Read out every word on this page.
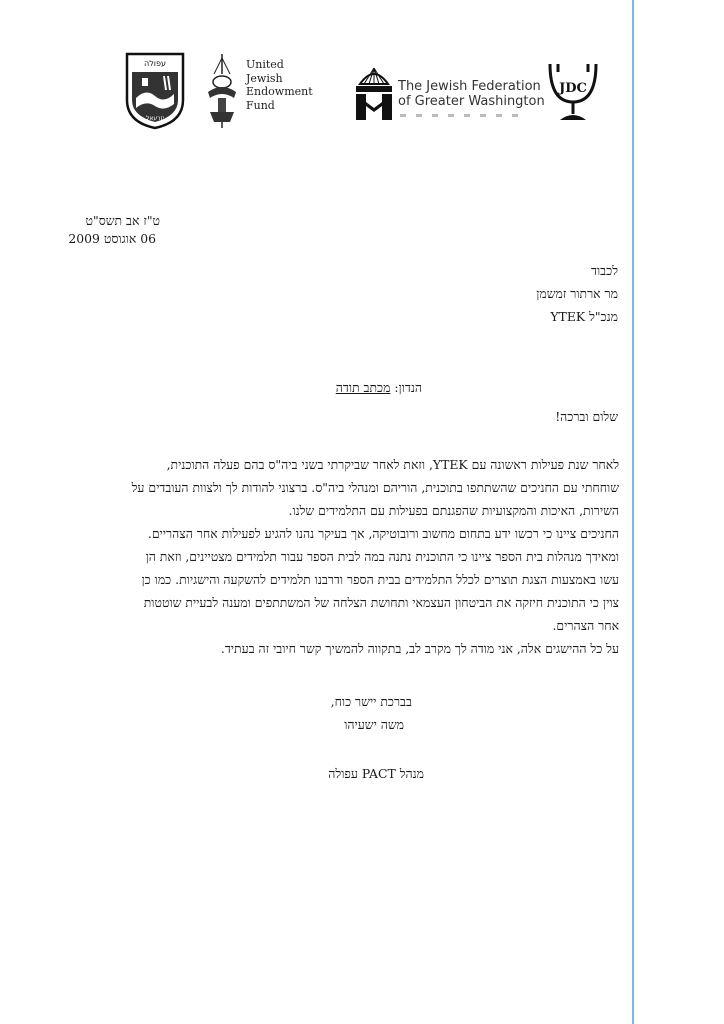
עפולה
יזרעאל
United
Jewish
Endowment
Fund
The Jewish Federation
of Greater Washington
JDC
ט"ז אב תשס"ט
06 אוגוסט 2009
לכבוד
מר ארתור זמשמן
מנכ"ל YTEK
הנדון: מכתב תודה
שלום וברכה!
לאחר שנת פעילות ראשונה עם YTEK, וזאת לאחר שביקרתי בשני ביה"ס בהם פעלה התוכנית,
שוחחתי עם החניכים שהשתתפו בתוכנית, הוריהם ומנהלי ביה"ס. ברצוני להודות לך ולצוות העובדים על
השירות, האיכות והמקצועיות שהפגנתם בפעילות עם התלמידים שלנו.
החניכים ציינו כי רכשו ידע בתחום מחשוב ורובוטיקה, אך בעיקר נהנו להגיע לפעילות אחר הצהריים.
ומאידך מנהלות בית הספר ציינו כי התוכנית נתנה במה לבית הספר עבור תלמידים מצטיינים, וזאת הן
עשו באמצעות הצגת תוצרים לכלל התלמידים בבית הספר ודרבנו תלמידים להשקעה והישגיות. כמו כן
צוין כי התוכנית חיזקה את הביטחון העצמאי ותחושת הצלחה של המשתתפים ומענה לבעיית שוטטות
אחר הצהרים.
על כל ההישגים אלה, אני מודה לך מקרב לב, בתקווה להמשיך קשר חיובי זה בעתיד.
בברכת יישר כוח,
משה ישעיהו
מנהל PACT עפולה
